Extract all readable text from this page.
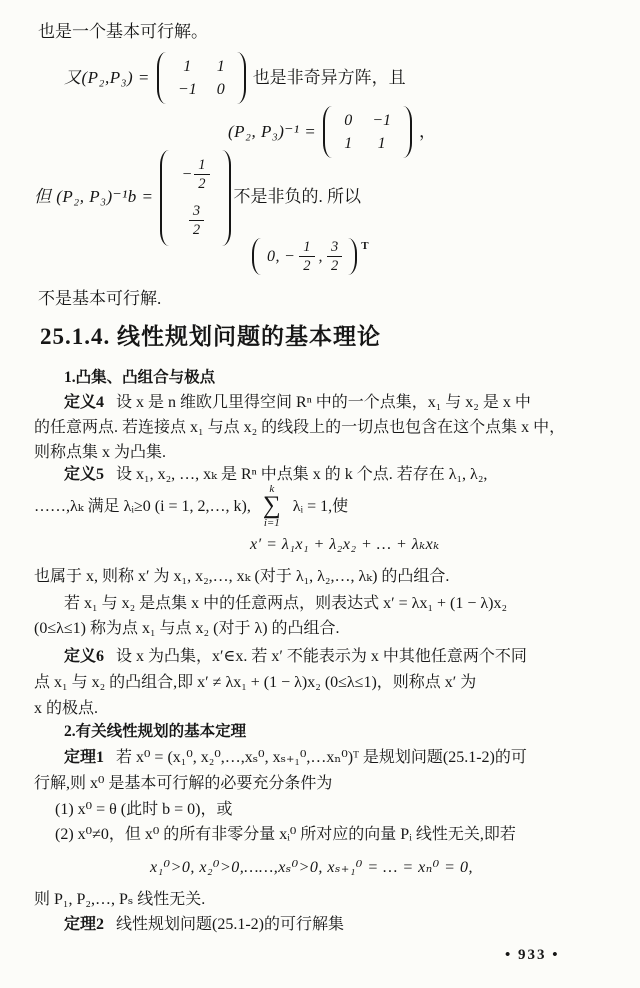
也是一个基本可行解。
又(P₂,P₃) =
1	1
−1 0
也是非奇异方阵，且
(P₂, P₃)⁻¹ =
0 −1
1	1
，
但 (P₂, P₃)⁻¹b =
− $\frac{1}{2}$
$\frac{3}{2}$
不是非负的. 所以
0, − $\frac{1}{2}$ , $\frac{3}{2}$ T
不是基本可行解.
25.1.4. 线性规划问题的基本理论
1.凸集、凸组合与极点
定义4 设 x 是 n 维欧几里得空间 Rⁿ 中的一个点集，x₁ 与 x₂ 是 x 中
的任意两点. 若连接点 x₁ 与点 x₂ 的线段上的一切点也包含在这个点集 x 中，
则称点集 x 为凸集.
定义5 设 x₁, x₂, …, xₖ 是 Rⁿ 中点集 x 的 k 个点. 若存在 λ₁, λ₂,
……,λₖ 满足 λᵢ≥0 (i = 1, 2,…, k),
k
∑
i=1
λᵢ = 1,使
x′ = λ₁x₁ + λ₂x₂ + … + λₖxₖ
也属于 x, 则称 x′ 为 x₁, x₂,…, xₖ (对于 λ₁, λ₂,…, λₖ) 的凸组合.
若 x₁ 与 x₂ 是点集 x 中的任意两点，则表达式 x′ = λx₁ + (1 − λ)x₂
(0≤λ≤1) 称为点 x₁ 与点 x₂ (对于 λ) 的凸组合.
定义6 设 x 为凸集，x′∈x. 若 x′ 不能表示为 x 中其他任意两个不同
点 x₁ 与 x₂ 的凸组合,即 x′ ≠ λx₁ + (1 − λ)x₂ (0≤λ≤1)，则称点 x′ 为
x 的极点.
2.有关线性规划的基本定理
定理1 若 x⁰ = (x₁⁰, x₂⁰,…,xₛ⁰, xₛ₊₁⁰,…xₙ⁰)ᵀ 是规划问题(25.1-2)的可
行解,则 x⁰ 是基本可行解的必要充分条件为
(1) x⁰ = θ (此时 b = 0)，或
(2) x⁰≠0，但 x⁰ 的所有非零分量 xᵢ⁰ 所对应的向量 Pᵢ 线性无关,即若
x₁⁰>0, x₂⁰>0,……,xₛ⁰>0, xₛ₊₁⁰ = … = xₙ⁰ = 0,
则 P₁, P₂,…, Pₛ 线性无关.
定理2 线性规划问题(25.1-2)的可行解集
• 933 •
